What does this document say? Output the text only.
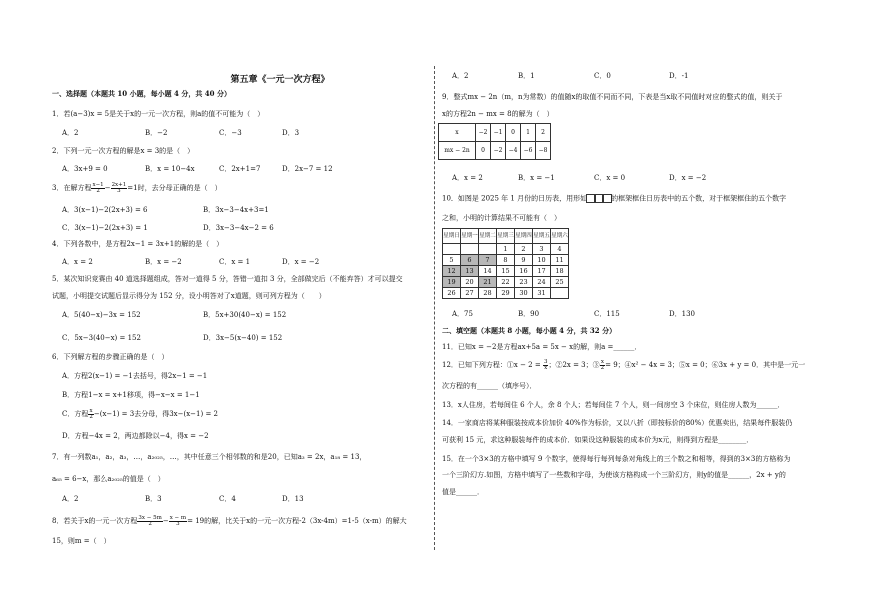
第五章《一元一次方程》
一、选择题（本题共 10 小题，每小题 4 分，共 40 分）
1．若(a−3)x = 5是关于x的一元一次方程，则a的值不可能为（　）
A．2	B．−2	C．−3	D．3
2．下列一元一次方程的解是x = 3的是（　）
A．3x+9 = 0	B．x = 10−4x	C．2x+1=7	D．2x−7 = 12
3．在解方程 $\frac{x-1}{2} - \frac{2x+1}{3} =1$时，去分母正确的是（　）
A．3(x−1)−2(2x+3) = 6	B．3x−3−4x+3=1
C．3(x−1)−2(2x+3) = 1	D．3x−3−4x−2 = 6
4．下列各数中，是方程2x−1 = 3x+1的解的是（　）
A．x = 2	B．x = −2	C．x = 1	D．x = −2
5．某次知识竞赛由 40 道选择题组成，答对一道得 5 分，答错一道扣 3 分，全部做完后（不能弃答）才可以提交
试题，小明提交试题后显示得分为 152 分，设小明答对了x道题，则可列方程为（　　）
A．5(40−x)−3x = 152	B．5x+30(40−x) = 152
C．5x−3(40−x) = 152	D．3x−5(x−40) = 152
6．下列解方程的步骤正确的是（　）
A．方程2(x−1) = −1去括号，得2x−1 = −1
B．方程1−x = x+1移项，得−x−x = 1−1
C．方程 $\frac{x}{2} -(x-1) = 3$去分母，得3x−(x−1) = 2
D．方程−4x = 2，两边都除以−4，得x = −2
7．有一列数a₁，a₂，a₃，…，a₂₀₂₅，…，其中任意三个相邻数的和是20，已知a₃ = 2x，a₁₈ = 13，
a₆₅ = 6−x，那么a₂₀₂₅的值是（　）
A．2	B．3	C．4	D．13
8．若关于x的一元一次方程 $\frac{3x - 5m}{2} - \frac{x - m}{3} = 19$的解，比关于x的一元一次方程-2（3x-4m）=1-5（x-m）的解大
15，则m =（　）
A．2	B．1	C．0	D．-1
9．整式mx − 2n（m，n为常数）的值随x的取值不同而不同，下表是当x取不同值时对应的整式的值，则关于
x的方程2n − mx = 8的解为（　）
x	−2	−1	0	1	2
mx − 2n	0	−2	−4	−6	−8
A．x = 2	B．x = −1	C．x = 0	D．x = −2
10．如图是 2025 年 1 月份的日历表，用形如	的框架框住日历表中的五个数，对于框架框住的五个数字
之和，小明的计算结果不可能有（　）
星期日	星期一	星期二	星期三	星期四	星期五	星期六
			1	2	3	4
5	6	7	8	9	10	11
12	13	14	15	16	17	18
19	20	21	22	23	24	25
26	27	28	29	30	31	
A．75	B．90	C．115	D．130
二、填空题（本题共 8 小题，每小题 4 分，共 32 分）
11．已知x = −2是方程ax+5a = 5x − x的解，则a =______．
12．已知下列方程：①x − $2 = \frac{3}{x}$ ；②2x = 3；③ $\frac{x}{2} = 9$；④x² − 4x = 3；⑤x = 0；⑥3x + y = 0．其中是一元一
次方程的有______（填序号）．
13．x人住房，若每间住 6 个人，余 8 个人；若每间住 7 个人，则一间房空 3 个床位，则住房人数为______．
14．一家商店将某种服装按成本价加价 40%作为标价，又以八折（即按标价的80%）优惠卖出，结果每件服装仍
可获利 15 元，求这种服装每件的成本价．如果设这种服装的成本价为x元，则得到方程是________．
15．在一个3×3的方格中填写 9 个数字，使得每行每列每条对角线上的三个数之和相等，得到的3×3的方格称为
一个三阶幻方.如图，方格中填写了一些数和字母，为使该方格构成一个三阶幻方，则y的值是______，2x + y的
值是______．
